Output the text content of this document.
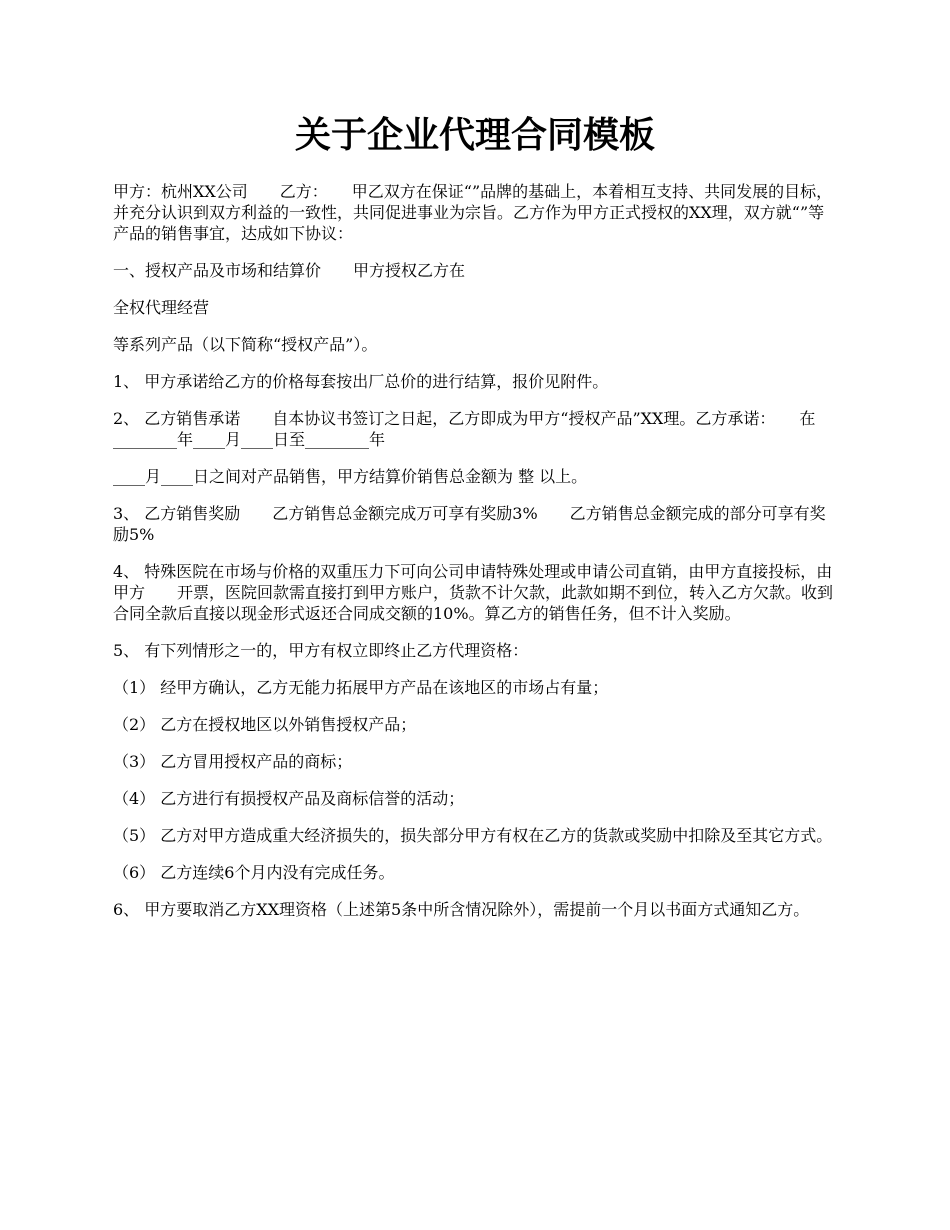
关于企业代理合同模板

甲方：杭州XX公司　　乙方：　　甲乙双方在保证“”品牌的基础上，本着相互支持、共同发展的目标，并充分认识到双方利益的一致性，共同促进事业为宗旨。乙方作为甲方正式授权的XX理，双方就“”等产品的销售事宜，达成如下协议：

一、授权产品及市场和结算价　　甲方授权乙方在

全权代理经营

等系列产品（以下简称“授权产品”）。

1、 甲方承诺给乙方的价格每套按出厂总价的进行结算，报价见附件。

2、 乙方销售承诺　　自本协议书签订之日起，乙方即成为甲方“授权产品”XX理。乙方承诺：　　在________年____月____日至________年

____月____日之间对产品销售，甲方结算价销售总金额为 整 以上。

3、 乙方销售奖励　　乙方销售总金额完成万可享有奖励3%　　乙方销售总金额完成的部分可享有奖励5%

4、 特殊医院在市场与价格的双重压力下可向公司申请特殊处理或申请公司直销，由甲方直接投标，由甲方　　开票，医院回款需直接打到甲方账户，货款不计欠款，此款如期不到位，转入乙方欠款。收到合同全款后直接以现金形式返还合同成交额的10%。算乙方的销售任务，但不计入奖励。

5、 有下列情形之一的，甲方有权立即终止乙方代理资格：

（1） 经甲方确认，乙方无能力拓展甲方产品在该地区的市场占有量；

（2） 乙方在授权地区以外销售授权产品；

（3） 乙方冒用授权产品的商标；

（4） 乙方进行有损授权产品及商标信誉的活动；

（5） 乙方对甲方造成重大经济损失的，损失部分甲方有权在乙方的货款或奖励中扣除及至其它方式。

（6） 乙方连续6个月内没有完成任务。

6、 甲方要取消乙方XX理资格（上述第5条中所含情况除外），需提前一个月以书面方式通知乙方。
